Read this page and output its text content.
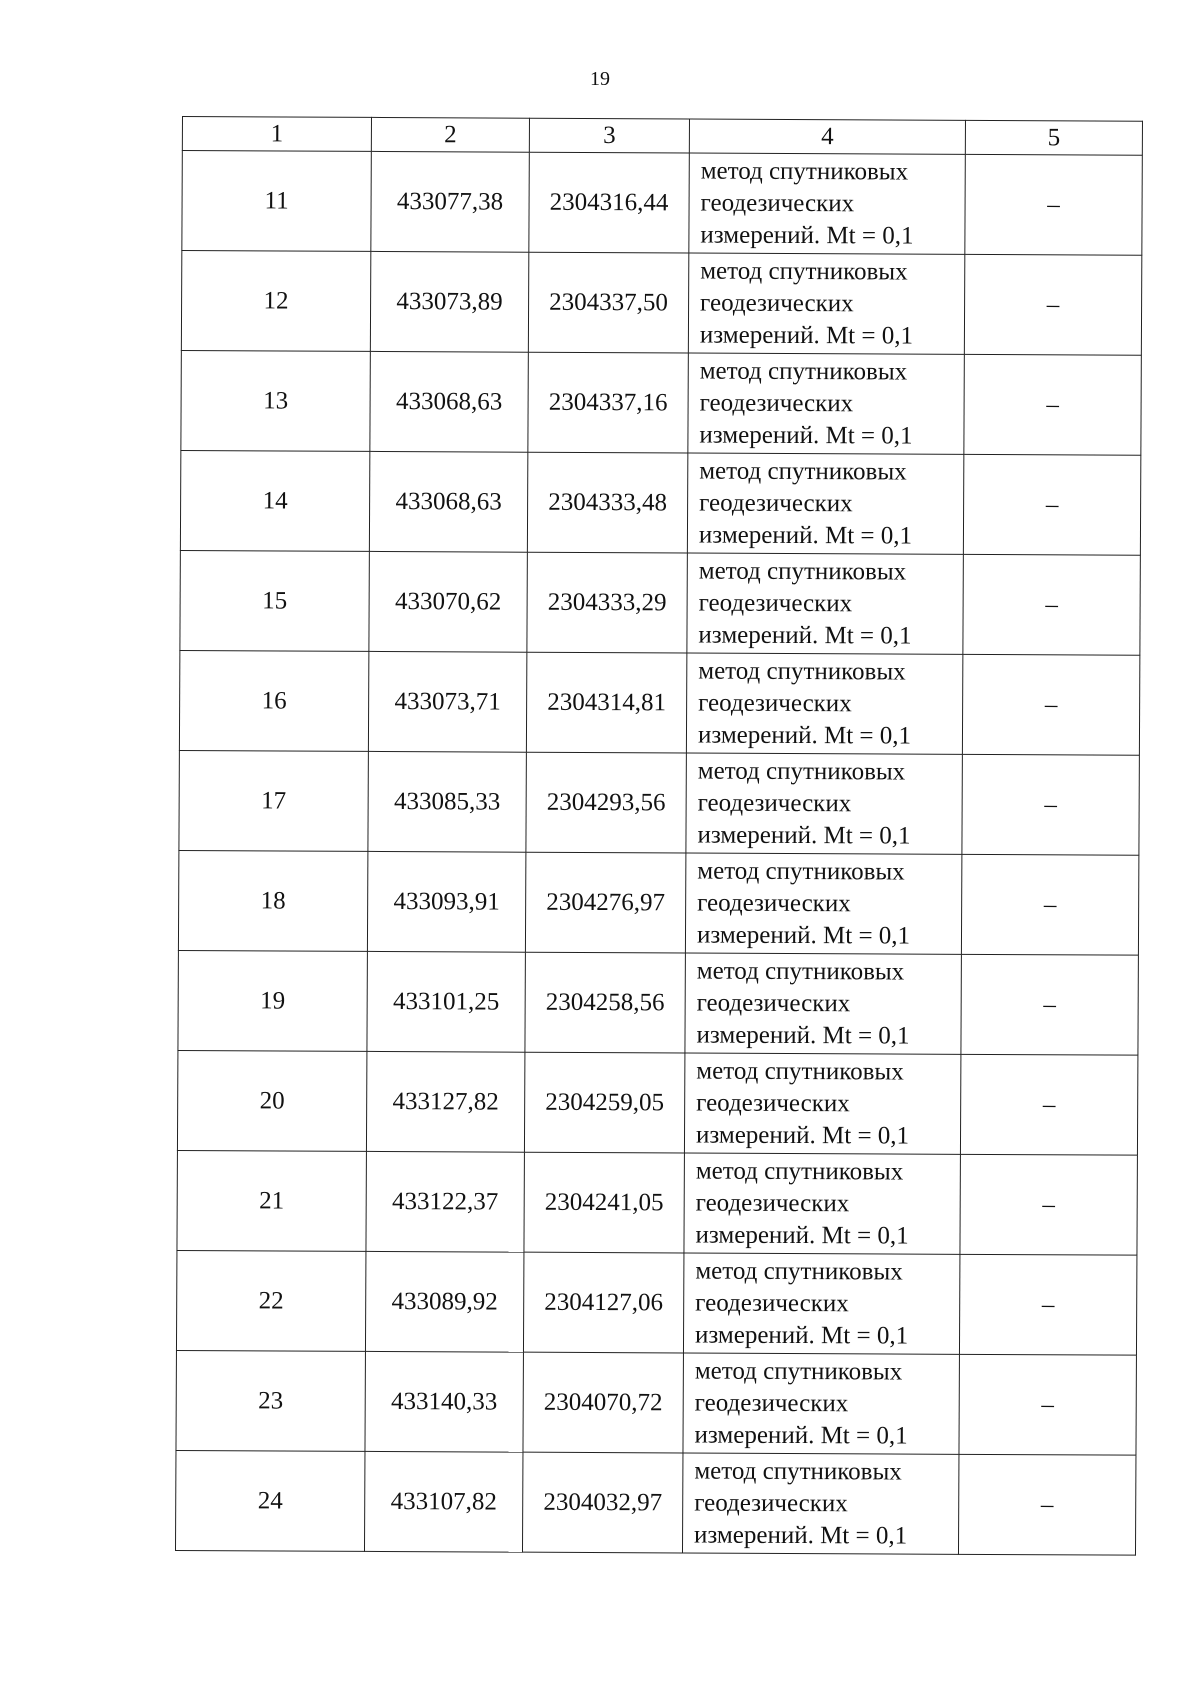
19
1	2	3	4	5
11	433077,38	2304316,44	метод спутниковых
геодезических
измерений. Mt = 0,1	–
12	433073,89	2304337,50	метод спутниковых
геодезических
измерений. Mt = 0,1	–
13	433068,63	2304337,16	метод спутниковых
геодезических
измерений. Mt = 0,1	–
14	433068,63	2304333,48	метод спутниковых
геодезических
измерений. Mt = 0,1	–
15	433070,62	2304333,29	метод спутниковых
геодезических
измерений. Mt = 0,1	–
16	433073,71	2304314,81	метод спутниковых
геодезических
измерений. Mt = 0,1	–
17	433085,33	2304293,56	метод спутниковых
геодезических
измерений. Mt = 0,1	–
18	433093,91	2304276,97	метод спутниковых
геодезических
измерений. Mt = 0,1	–
19	433101,25	2304258,56	метод спутниковых
геодезических
измерений. Mt = 0,1	–
20	433127,82	2304259,05	метод спутниковых
геодезических
измерений. Mt = 0,1	–
21	433122,37	2304241,05	метод спутниковых
геодезических
измерений. Mt = 0,1	–
22	433089,92	2304127,06	метод спутниковых
геодезических
измерений. Mt = 0,1	–
23	433140,33	2304070,72	метод спутниковых
геодезических
измерений. Mt = 0,1	–
24	433107,82	2304032,97	метод спутниковых
геодезических
измерений. Mt = 0,1	–
